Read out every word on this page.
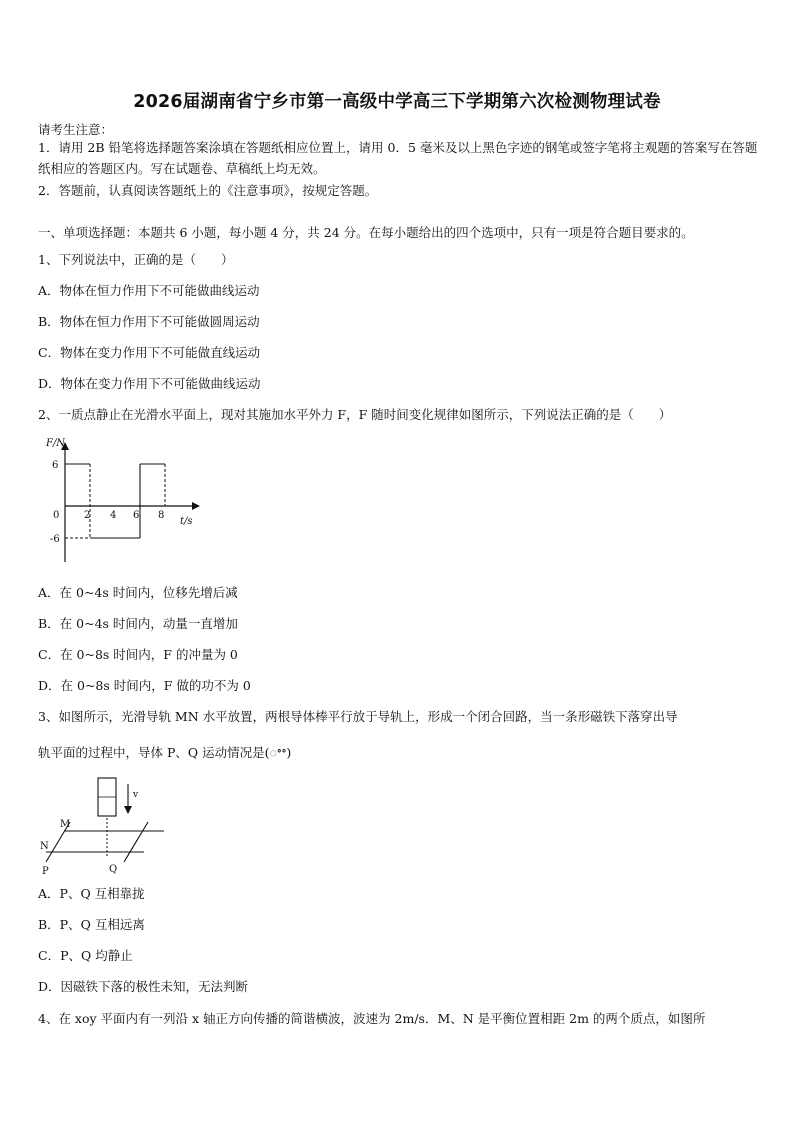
2026届湖南省宁乡市第一高级中学高三下学期第六次检测物理试卷
请考生注意：
1．请用 2B 铅笔将选择题答案涂填在答题纸相应位置上，请用 0．5 毫米及以上黑色字迹的钢笔或签字笔将主观题的答案写在答题纸相应的答题区内。写在试题卷、草稿纸上均无效。
2．答题前，认真阅读答题纸上的《注意事项》，按规定答题。
一、单项选择题：本题共 6 小题，每小题 4 分，共 24 分。在每小题给出的四个选项中，只有一项是符合题目要求的。
1、下列说法中，正确的是（　　）
A．物体在恒力作用下不可能做曲线运动
B．物体在恒力作用下不可能做圆周运动
C．物体在变力作用下不可能做直线运动
D．物体在变力作用下不可能做曲线运动
2、一质点静止在光滑水平面上，现对其施加水平外力 F，F 随时间变化规律如图所示，下列说法正确的是（　　）
F/N
t/s
6
0
-6
2 4 6 8
A．在 0~4s 时间内，位移先增后减
B．在 0~4s 时间内，动量一直增加
C．在 0~8s 时间内，F 的冲量为 0
D．在 0~8s 时间内，F 做的功不为 0
3、如图所示，光滑导轨 MN 水平放置，两根导体棒平行放于导轨上，形成一个闭合回路，当一条形磁铁下落穿出导
轨平面的过程中，导体 P、Q 运动情况是(ꢀꢀ)
v
M
N
P	Q
A．P、Q 互相靠拢
B．P、Q 互相远离
C．P、Q 均静止
D．因磁铁下落的极性未知，无法判断
4、在 xoy 平面内有一列沿 x 轴正方向传播的简谐横波，波速为 2m/s．M、N 是平衡位置相距 2m 的两个质点，如图所
